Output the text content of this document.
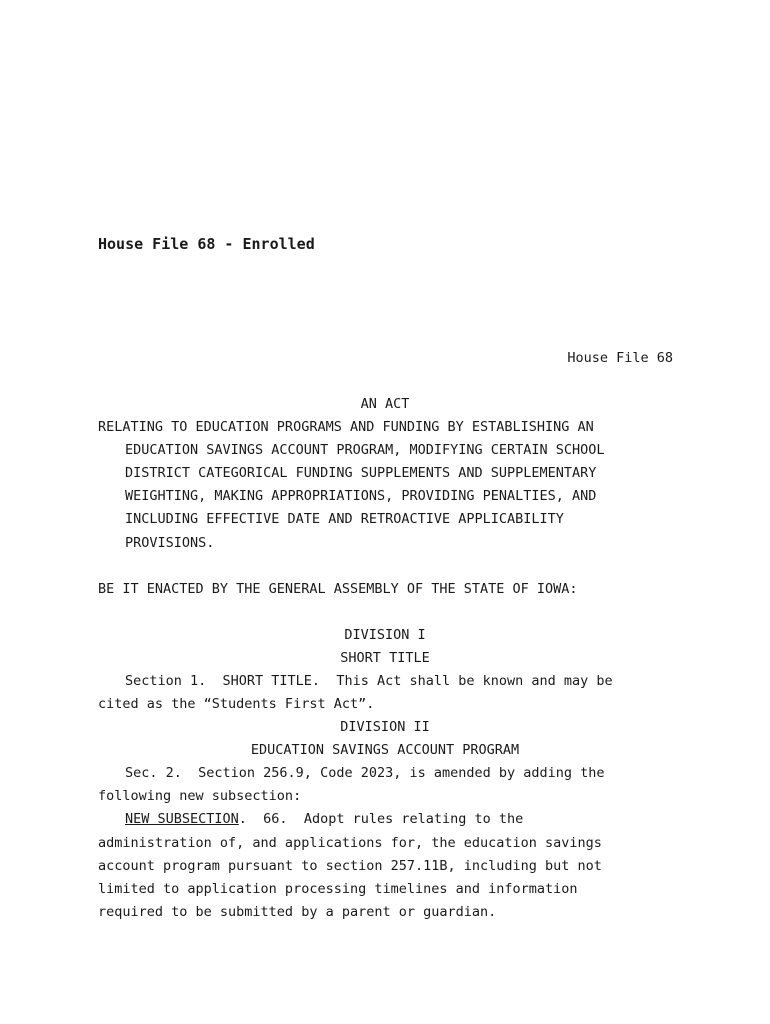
House File 68 - Enrolled
House File 68
AN ACT
RELATING TO EDUCATION PROGRAMS AND FUNDING BY ESTABLISHING AN
EDUCATION SAVINGS ACCOUNT PROGRAM, MODIFYING CERTAIN SCHOOL
DISTRICT CATEGORICAL FUNDING SUPPLEMENTS AND SUPPLEMENTARY
WEIGHTING, MAKING APPROPRIATIONS, PROVIDING PENALTIES, AND
INCLUDING EFFECTIVE DATE AND RETROACTIVE APPLICABILITY
PROVISIONS.
BE IT ENACTED BY THE GENERAL ASSEMBLY OF THE STATE OF IOWA:
DIVISION I
SHORT TITLE
Section 1.  SHORT TITLE.  This Act shall be known and may be
cited as the “Students First Act”.
DIVISION II
EDUCATION SAVINGS ACCOUNT PROGRAM
Sec. 2.  Section 256.9, Code 2023, is amended by adding the
following new subsection:
NEW SUBSECTION.  66.  Adopt rules relating to the
administration of, and applications for, the education savings
account program pursuant to section 257.11B, including but not
limited to application processing timelines and information
required to be submitted by a parent or guardian.
